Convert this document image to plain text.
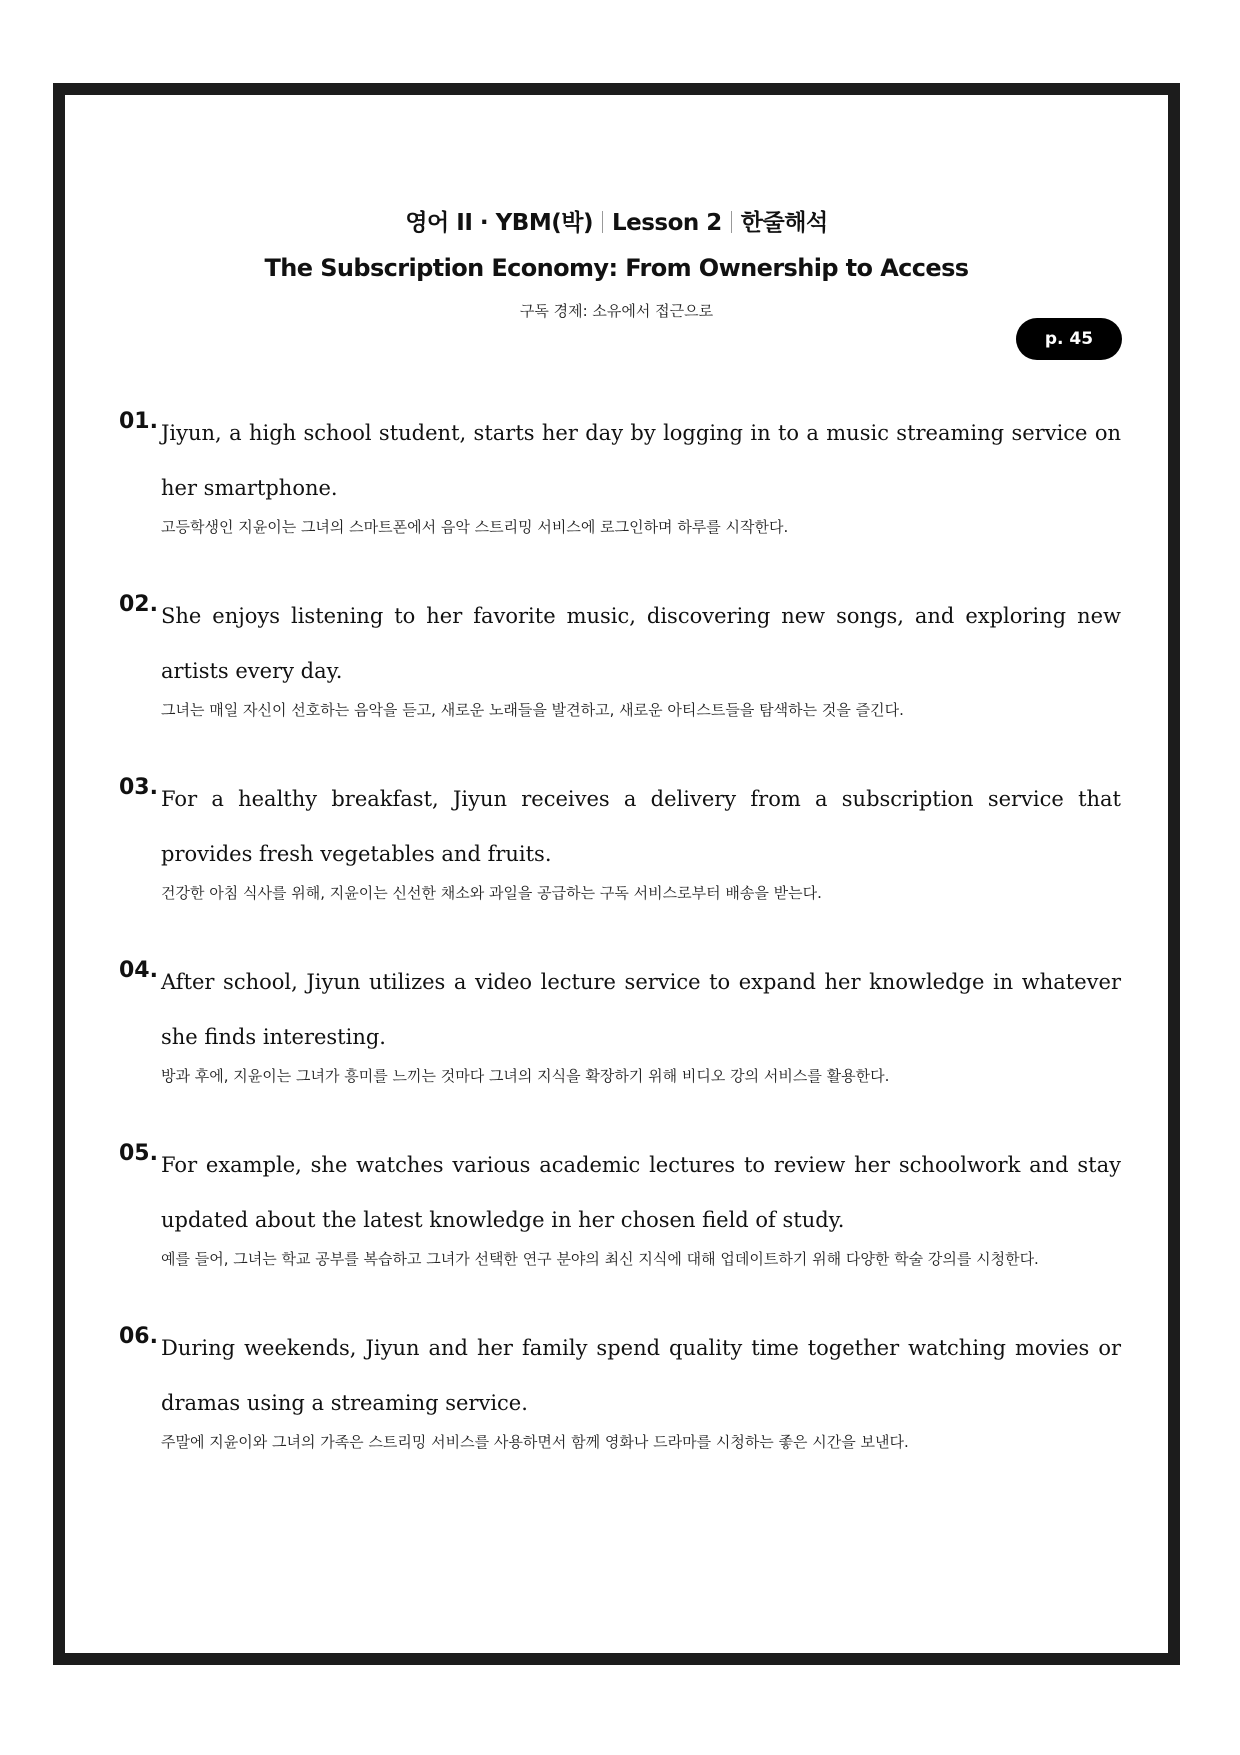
영어 II · YBM(박) Lesson 2 한줄해석
The Subscription Economy: From Ownership to Access
구독 경제: 소유에서 접근으로
p. 45
01. Jiyun, a high school student, starts her day by logging in to a music streaming service on her smartphone.

고등학생인 지윤이는 그녀의 스마트폰에서 음악 스트리밍 서비스에 로그인하며 하루를 시작한다.

02. She enjoys listening to her favorite music, discovering new songs, and exploring new artists every day.

그녀는 매일 자신이 선호하는 음악을 듣고, 새로운 노래들을 발견하고, 새로운 아티스트들을 탐색하는 것을 즐긴다.

03. For a healthy breakfast, Jiyun receives a delivery from a subscription service that provides fresh vegetables and fruits.

건강한 아침 식사를 위해, 지윤이는 신선한 채소와 과일을 공급하는 구독 서비스로부터 배송을 받는다.

04. After school, Jiyun utilizes a video lecture service to expand her knowledge in whatever she finds interesting.

방과 후에, 지윤이는 그녀가 흥미를 느끼는 것마다 그녀의 지식을 확장하기 위해 비디오 강의 서비스를 활용한다.

05. For example, she watches various academic lectures to review her schoolwork and stay updated about the latest knowledge in her chosen field of study.

예를 들어, 그녀는 학교 공부를 복습하고 그녀가 선택한 연구 분야의 최신 지식에 대해 업데이트하기 위해 다양한 학술 강의를 시청한다.

06. During weekends, Jiyun and her family spend quality time together watching movies or dramas using a streaming service.

주말에 지윤이와 그녀의 가족은 스트리밍 서비스를 사용하면서 함께 영화나 드라마를 시청하는 좋은 시간을 보낸다.
